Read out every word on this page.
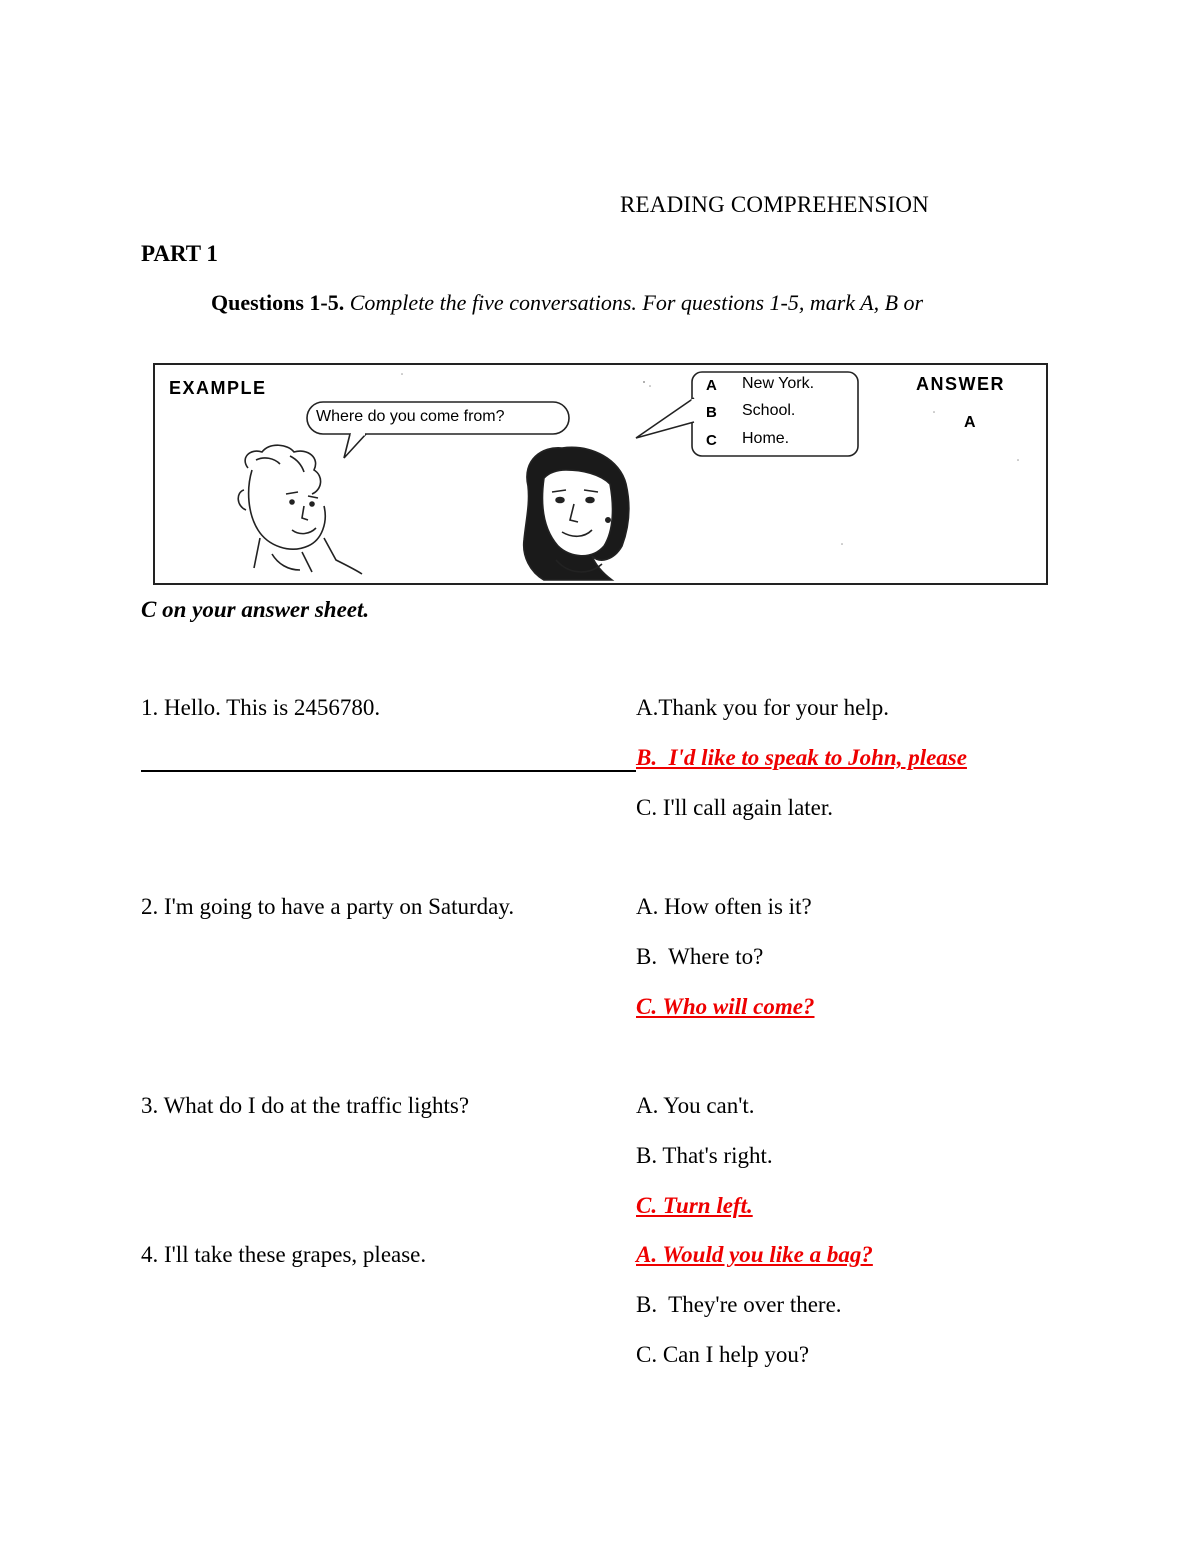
READING COMPREHENSION
PART 1
Questions 1-5. Complete the five conversations. For questions 1-5, mark A, B or
EXAMPLE
Where do you come from?
A New York.
B School.
C Home.
ANSWER
A
C on your answer sheet.
1. Hello. This is 2456780.	A.Thank you for your help.
B.  I'd like to speak to John, please
C. I'll call again later.
2. I'm going to have a party on Saturday.	A. How often is it?
B.  Where to?
C. Who will come?
3. What do I do at the traffic lights?	A. You can't.
B. That's right.
C. Turn left.
4. I'll take these grapes, please.	A. Would you like a bag?
B.  They're over there.
C. Can I help you?
